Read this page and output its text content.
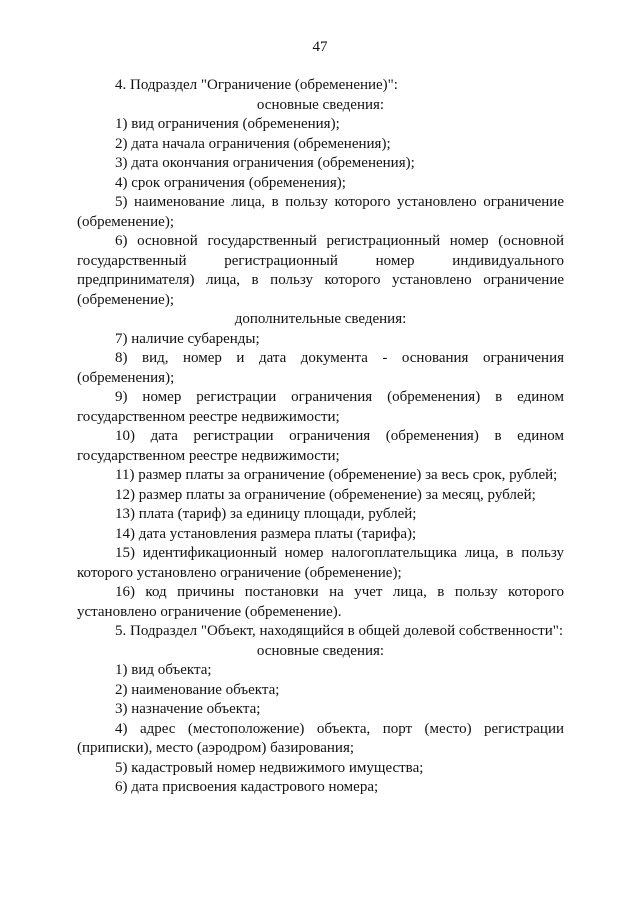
47

4. Подраздел "Ограничение (обременение)":

основные сведения:

1) вид ограничения (обременения);

2) дата начала ограничения (обременения);

3) дата окончания ограничения (обременения);

4) срок ограничения (обременения);

5) наименование лица, в пользу которого установлено ограничение (обременение);

6) основной государственный регистрационный номер (основной государственный регистрационный номер индивидуального предпринимателя) лица, в пользу которого установлено ограничение (обременение);

дополнительные сведения:

7) наличие субаренды;

8) вид, номер и дата документа - основания ограничения (обременения);

9) номер регистрации ограничения (обременения) в едином государственном реестре недвижимости;

10) дата регистрации ограничения (обременения) в едином государственном реестре недвижимости;

11) размер платы за ограничение (обременение) за весь срок, рублей;

12) размер платы за ограничение (обременение) за месяц, рублей;

13) плата (тариф) за единицу площади, рублей;

14) дата установления размера платы (тарифа);

15) идентификационный номер налогоплательщика лица, в пользу которого установлено ограничение (обременение);

16) код причины постановки на учет лица, в пользу которого установлено ограничение (обременение).

5. Подраздел "Объект, находящийся в общей долевой собственности":

основные сведения:

1) вид объекта;

2) наименование объекта;

3) назначение объекта;

4) адрес (местоположение) объекта, порт (место) регистрации (приписки), место (аэродром) базирования;

5) кадастровый номер недвижимого имущества;

6) дата присвоения кадастрового номера;
